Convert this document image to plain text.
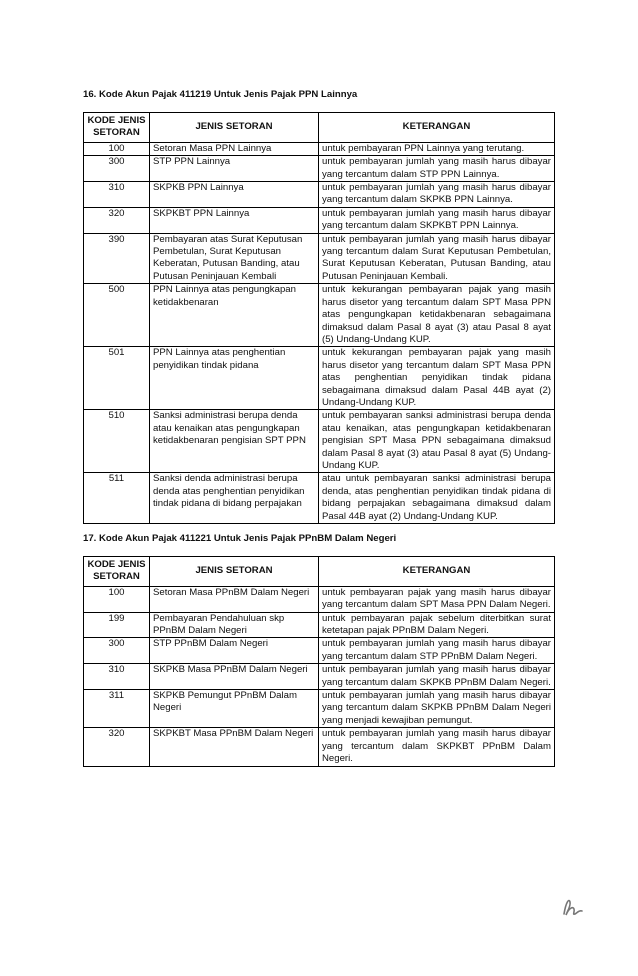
16. Kode Akun Pajak 411219 Untuk Jenis Pajak PPN Lainnya
KODE JENIS SETORAN	JENIS SETORAN	KETERANGAN
100	Setoran Masa PPN Lainnya	untuk pembayaran PPN Lainnya yang terutang.
300	STP PPN Lainnya	untuk pembayaran jumlah yang masih harus dibayar yang tercantum dalam STP PPN Lainnya.
310	SKPKB PPN Lainnya	untuk pembayaran jumlah yang masih harus dibayar yang tercantum dalam SKPKB PPN Lainnya.
320	SKPKBT PPN Lainnya	untuk pembayaran jumlah yang masih harus dibayar yang tercantum dalam SKPKBT PPN Lainnya.
390	Pembayaran atas Surat Keputusan Pembetulan, Surat Keputusan Keberatan, Putusan Banding, atau Putusan Peninjauan Kembali	untuk pembayaran jumlah yang masih harus dibayar yang tercantum dalam Surat Keputusan Pembetulan, Surat Keputusan Keberatan, Putusan Banding, atau Putusan Peninjauan Kembali.
500	PPN Lainnya atas pengungkapan ketidakbenaran	untuk kekurangan pembayaran pajak yang masih harus disetor yang tercantum dalam SPT Masa PPN atas pengungkapan ketidakbenaran sebagaimana dimaksud dalam Pasal 8 ayat (3) atau Pasal 8 ayat (5) Undang-Undang KUP.
501	PPN Lainnya atas penghentian penyidikan tindak pidana	untuk kekurangan pembayaran pajak yang masih harus disetor yang tercantum dalam SPT Masa PPN atas penghentian penyidikan tindak pidana sebagaimana dimaksud dalam Pasal 44B ayat (2) Undang-Undang KUP.
510	Sanksi administrasi berupa denda atau kenaikan atas pengungkapan ketidakbenaran pengisian SPT PPN	untuk pembayaran sanksi administrasi berupa denda atau kenaikan, atas pengungkapan ketidakbenaran pengisian SPT Masa PPN sebagaimana dimaksud dalam Pasal 8 ayat (3) atau Pasal 8 ayat (5) Undang-Undang KUP.
511	Sanksi denda administrasi berupa denda atas penghentian penyidikan tindak pidana di bidang perpajakan	atau untuk pembayaran sanksi administrasi berupa denda, atas penghentian penyidikan tindak pidana di bidang perpajakan sebagaimana dimaksud dalam Pasal 44B ayat (2) Undang-Undang KUP.
17. Kode Akun Pajak 411221 Untuk Jenis Pajak PPnBM Dalam Negeri
KODE JENIS SETORAN	JENIS SETORAN	KETERANGAN
100	Setoran Masa PPnBM Dalam Negeri	untuk pembayaran pajak yang masih harus dibayar yang tercantum dalam SPT Masa PPN Dalam Negeri.
199	Pembayaran Pendahuluan skp PPnBM Dalam Negeri	untuk pembayaran pajak sebelum diterbitkan surat ketetapan pajak PPnBM Dalam Negeri.
300	STP PPnBM Dalam Negeri	untuk pembayaran jumlah yang masih harus dibayar yang tercantum dalam STP PPnBM Dalam Negeri.
310	SKPKB Masa PPnBM Dalam Negeri	untuk pembayaran jumlah yang masih harus dibayar yang tercantum dalam SKPKB PPnBM Dalam Negeri.
311	SKPKB Pemungut PPnBM Dalam Negeri	untuk pembayaran jumlah yang masih harus dibayar yang tercantum dalam SKPKB PPnBM Dalam Negeri yang menjadi kewajiban pemungut.
320	SKPKBT Masa PPnBM Dalam Negeri	untuk pembayaran jumlah yang masih harus dibayar yang tercantum dalam SKPKBT PPnBM Dalam Negeri.
